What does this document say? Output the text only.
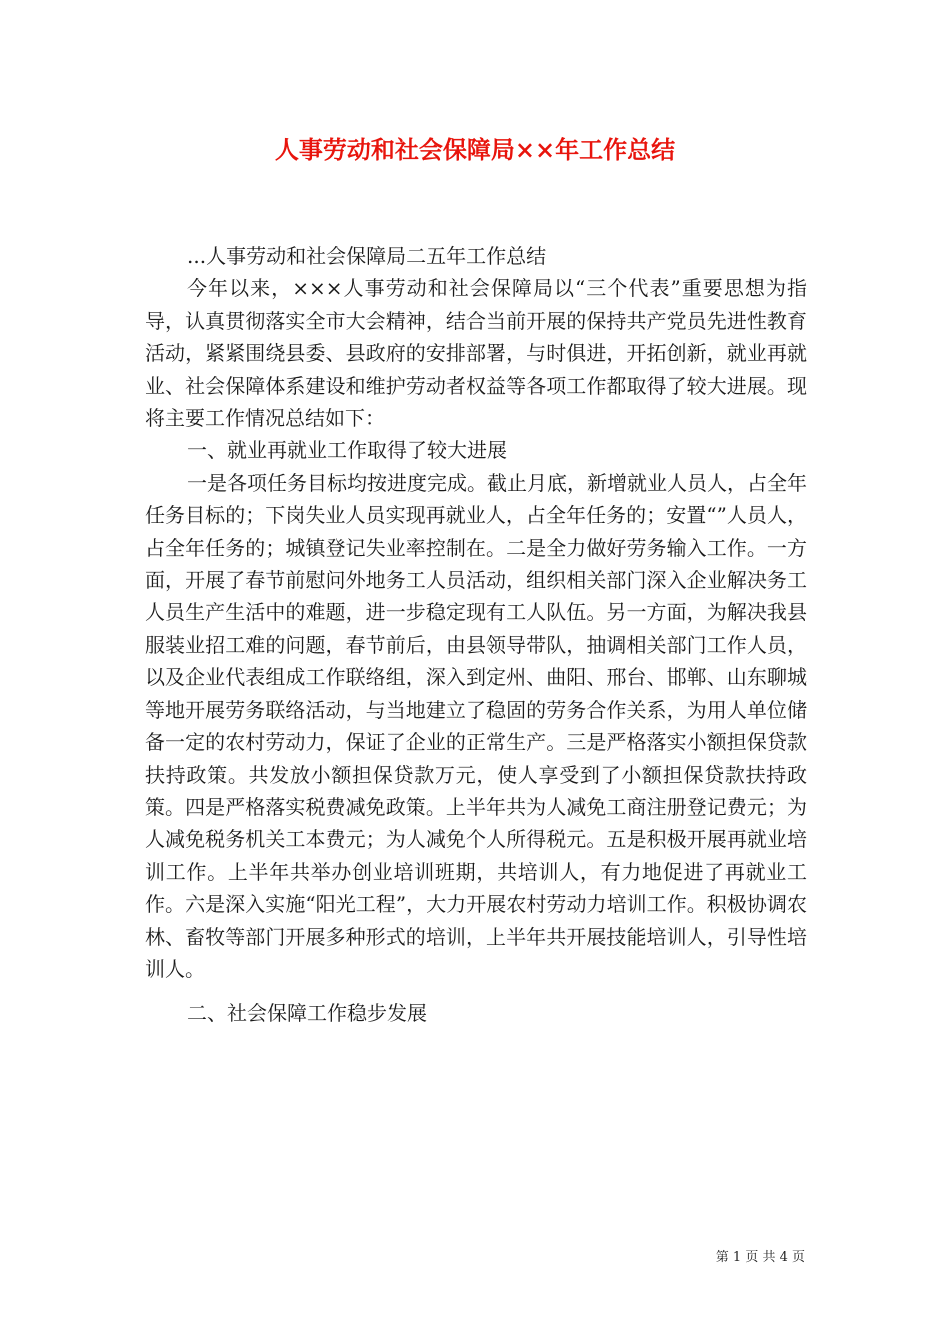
人事劳动和社会保障局××年工作总结

...人事劳动和社会保障局二五年工作总结

今年以来，×××人事劳动和社会保障局以“三个代表”重要思想为指导，认真贯彻落实全市大会精神，结合当前开展的保持共产党员先进性教育活动，紧紧围绕县委、县政府的安排部署，与时俱进，开拓创新，就业再就业、社会保障体系建设和维护劳动者权益等各项工作都取得了较大进展。现将主要工作情况总结如下：

一、就业再就业工作取得了较大进展

一是各项任务目标均按进度完成。截止月底，新增就业人员人，占全年任务目标的；下岗失业人员实现再就业人，占全年任务的；安置“”人员人，占全年任务的；城镇登记失业率控制在。二是全力做好劳务输入工作。一方面，开展了春节前慰问外地务工人员活动，组织相关部门深入企业解决务工人员生产生活中的难题，进一步稳定现有工人队伍。另一方面，为解决我县服装业招工难的问题，春节前后，由县领导带队，抽调相关部门工作人员，以及企业代表组成工作联络组，深入到定州、曲阳、邢台、邯郸、山东聊城等地开展劳务联络活动，与当地建立了稳固的劳务合作关系，为用人单位储备一定的农村劳动力，保证了企业的正常生产。三是严格落实小额担保贷款扶持政策。共发放小额担保贷款万元，使人享受到了小额担保贷款扶持政策。四是严格落实税费减免政策。上半年共为人减免工商注册登记费元；为人减免税务机关工本费元；为人减免个人所得税元。五是积极开展再就业培训工作。上半年共举办创业培训班期，共培训人，有力地促进了再就业工作。六是深入实施“阳光工程”，大力开展农村劳动力培训工作。积极协调农林、畜牧等部门开展多种形式的培训，上半年共开展技能培训人，引导性培训人。

二、社会保障工作稳步发展

第 1 页 共 4 页
